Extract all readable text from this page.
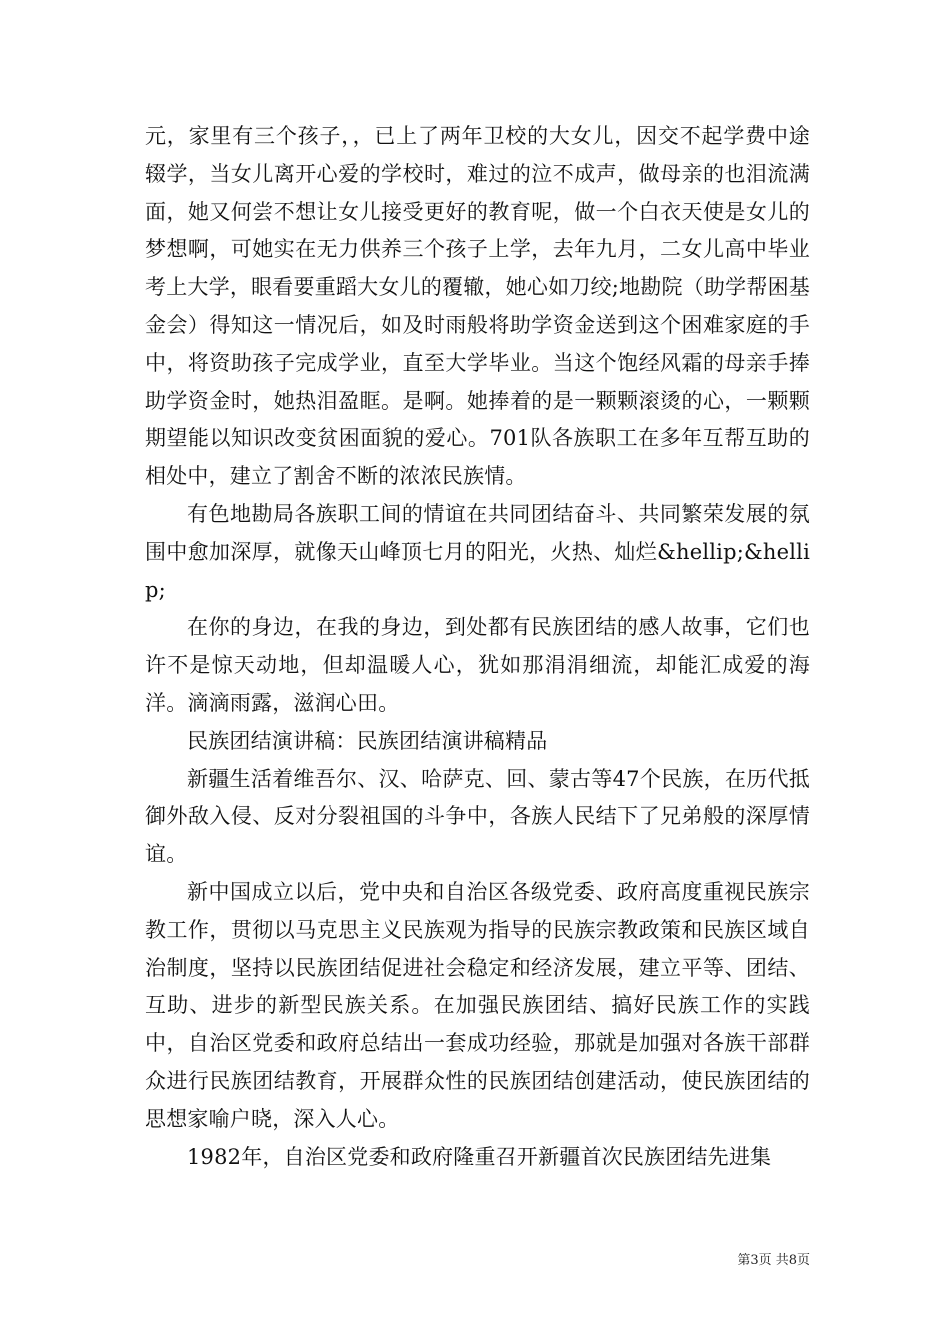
元，家里有三个孩子，，已上了两年卫校的大女儿，因交不起学费中途辍学，当女儿离开心爱的学校时，难过的泣不成声，做母亲的也泪流满面，她又何尝不想让女儿接受更好的教育呢，做一个白衣天使是女儿的梦想啊，可她实在无力供养三个孩子上学，去年九月，二女儿高中毕业考上大学，眼看要重蹈大女儿的覆辙，她心如刀绞;地勘院（助学帮困基金会）得知这一情况后，如及时雨般将助学资金送到这个困难家庭的手中，将资助孩子完成学业，直至大学毕业。当这个饱经风霜的母亲手捧助学资金时，她热泪盈眶。是啊。她捧着的是一颗颗滚烫的心，一颗颗期望能以知识改变贫困面貌的爱心。701队各族职工在多年互帮互助的相处中，建立了割舍不断的浓浓民族情。

有色地勘局各族职工间的情谊在共同团结奋斗、共同繁荣发展的氛围中愈加深厚，就像天山峰顶七月的阳光，火热、灿烂&hellip;&hellip;

在你的身边，在我的身边，到处都有民族团结的感人故事，它们也许不是惊天动地，但却温暖人心，犹如那涓涓细流，却能汇成爱的海洋。滴滴雨露，滋润心田。

民族团结演讲稿：民族团结演讲稿精品

新疆生活着维吾尔、汉、哈萨克、回、蒙古等47个民族，在历代抵御外敌入侵、反对分裂祖国的斗争中，各族人民结下了兄弟般的深厚情谊。

新中国成立以后，党中央和自治区各级党委、政府高度重视民族宗教工作，贯彻以马克思主义民族观为指导的民族宗教政策和民族区域自治制度，坚持以民族团结促进社会稳定和经济发展，建立平等、团结、互助、进步的新型民族关系。在加强民族团结、搞好民族工作的实践中，自治区党委和政府总结出一套成功经验，那就是加强对各族干部群众进行民族团结教育，开展群众性的民族团结创建活动，使民族团结的思想家喻户晓，深入人心。

1982年，自治区党委和政府隆重召开新疆首次民族团结先进集

第3页 共8页
